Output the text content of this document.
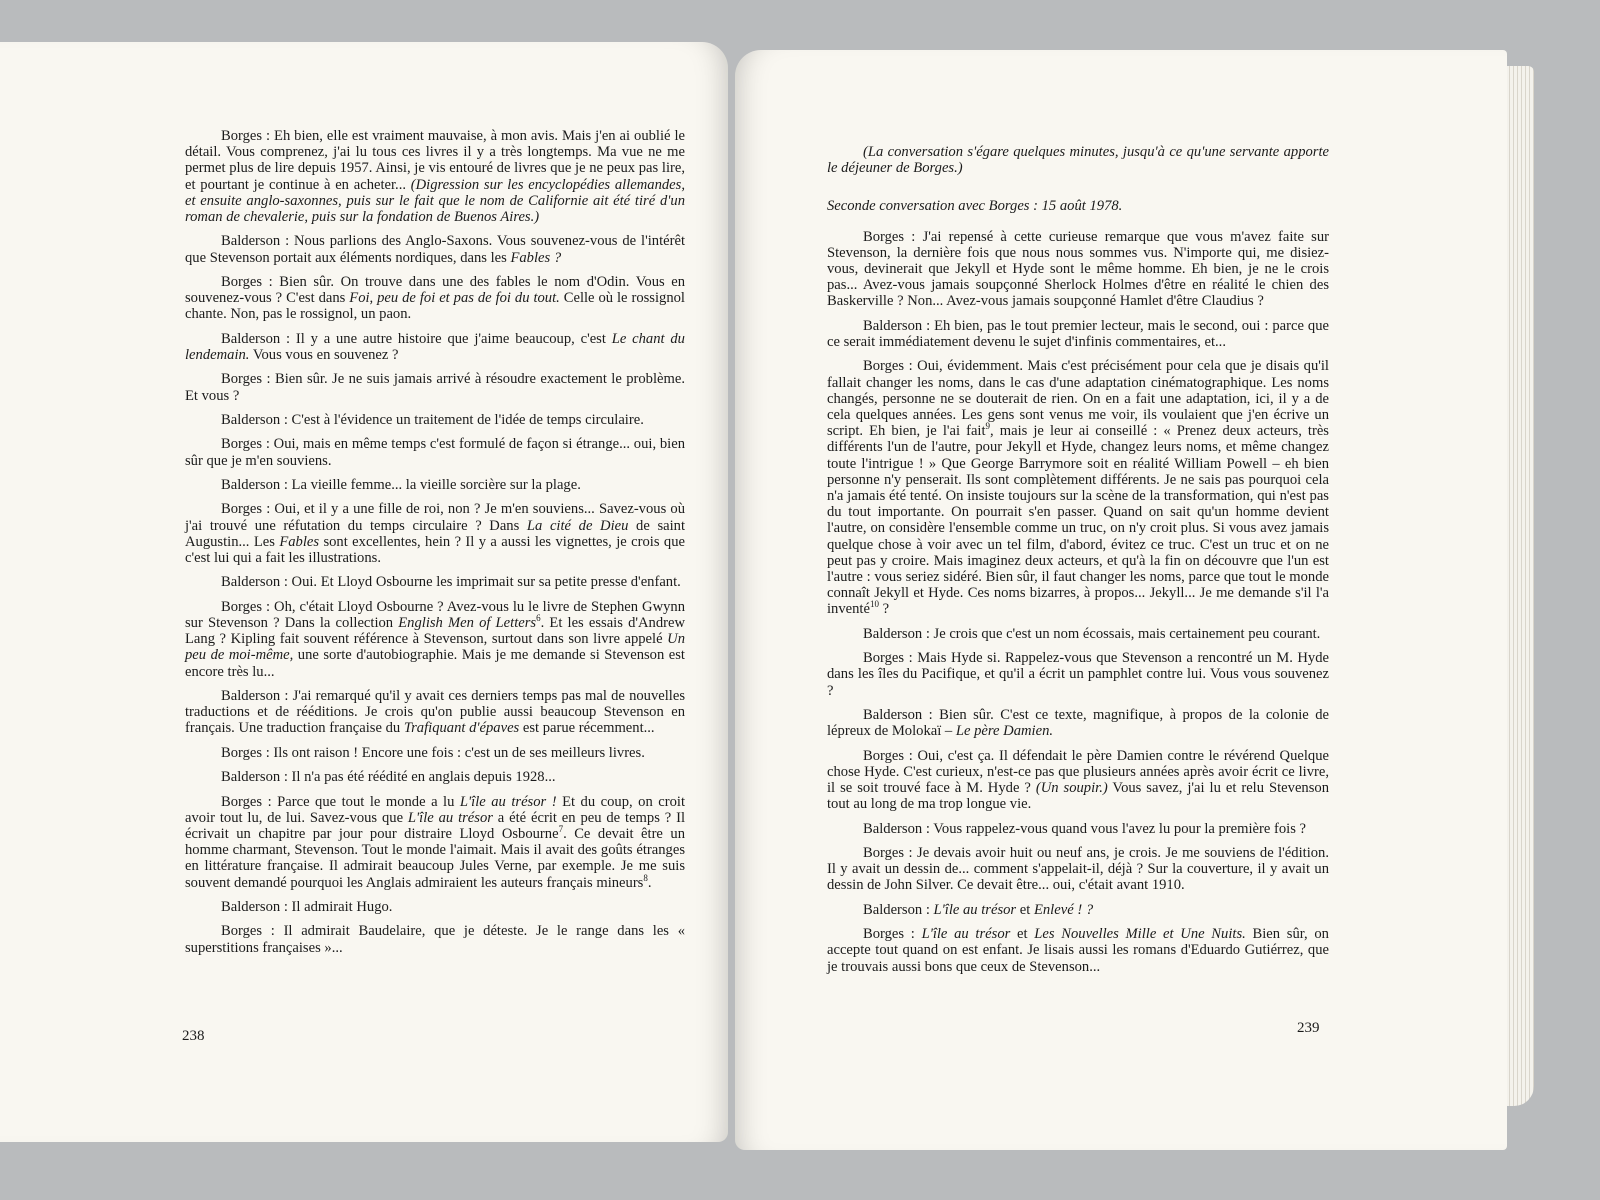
Borges : Eh bien, elle est vraiment mauvaise, à mon avis. Mais j'en ai oublié le détail. Vous comprenez, j'ai lu tous ces livres il y a très longtemps. Ma vue ne me permet plus de lire depuis 1957. Ainsi, je vis entouré de livres que je ne peux pas lire, et pourtant je continue à en acheter... (Digression sur les encyclopédies allemandes, et ensuite anglo-saxonnes, puis sur le fait que le nom de Californie ait été tiré d'un roman de chevalerie, puis sur la fondation de Buenos Aires.)

Balderson : Nous parlions des Anglo-Saxons. Vous souvenez-vous de l'intérêt que Stevenson portait aux éléments nordiques, dans les Fables ?

Borges : Bien sûr. On trouve dans une des fables le nom d'Odin. Vous en souvenez-vous ? C'est dans Foi, peu de foi et pas de foi du tout. Celle où le rossignol chante. Non, pas le rossignol, un paon.

Balderson : Il y a une autre histoire que j'aime beaucoup, c'est Le chant du lendemain. Vous vous en souvenez ?

Borges : Bien sûr. Je ne suis jamais arrivé à résoudre exactement le problème. Et vous ?

Balderson : C'est à l'évidence un traitement de l'idée de temps circulaire.

Borges : Oui, mais en même temps c'est formulé de façon si étrange... oui, bien sûr que je m'en souviens.

Balderson : La vieille femme... la vieille sorcière sur la plage.

Borges : Oui, et il y a une fille de roi, non ? Je m'en souviens... Savez-vous où j'ai trouvé une réfutation du temps circulaire ? Dans La cité de Dieu de saint Augustin... Les Fables sont excellentes, hein ? Il y a aussi les vignettes, je crois que c'est lui qui a fait les illustrations.

Balderson : Oui. Et Lloyd Osbourne les imprimait sur sa petite presse d'enfant.

Borges : Oh, c'était Lloyd Osbourne ? Avez-vous lu le livre de Stephen Gwynn sur Stevenson ? Dans la collection English Men of Letters$^6$. Et les essais d'Andrew Lang ? Kipling fait souvent référence à Stevenson, surtout dans son livre appelé Un peu de moi-même, une sorte d'autobiographie. Mais je me demande si Stevenson est encore très lu...

Balderson : J'ai remarqué qu'il y avait ces derniers temps pas mal de nouvelles traductions et de rééditions. Je crois qu'on publie aussi beaucoup Stevenson en français. Une traduction française du Trafiquant d'épaves est parue récemment...

Borges : Ils ont raison ! Encore une fois : c'est un de ses meilleurs livres.

Balderson : Il n'a pas été réédité en anglais depuis 1928...

Borges : Parce que tout le monde a lu L'île au trésor ! Et du coup, on croit avoir tout lu, de lui. Savez-vous que L'île au trésor a été écrit en peu de temps ? Il écrivait un chapitre par jour pour distraire Lloyd Osbourne$^7$. Ce devait être un homme charmant, Stevenson. Tout le monde l'aimait. Mais il avait des goûts étranges en littérature française. Il admirait beaucoup Jules Verne, par exemple. Je me suis souvent demandé pourquoi les Anglais admiraient les auteurs français mineurs$^8$.

Balderson : Il admirait Hugo.

Borges : Il admirait Baudelaire, que je déteste. Je le range dans les « superstitions françaises »...

238

(La conversation s'égare quelques minutes, jusqu'à ce qu'une servante apporte le déjeuner de Borges.)

Seconde conversation avec Borges : 15 août 1978.

Borges : J'ai repensé à cette curieuse remarque que vous m'avez faite sur Stevenson, la dernière fois que nous nous sommes vus. N'importe qui, me disiez-vous, devinerait que Jekyll et Hyde sont le même homme. Eh bien, je ne le crois pas... Avez-vous jamais soupçonné Sherlock Holmes d'être en réalité le chien des Baskerville ? Non... Avez-vous jamais soupçonné Hamlet d'être Claudius ?

Balderson : Eh bien, pas le tout premier lecteur, mais le second, oui : parce que ce serait immédiatement devenu le sujet d'infinis commentaires, et...

Borges : Oui, évidemment. Mais c'est précisément pour cela que je disais qu'il fallait changer les noms, dans le cas d'une adaptation cinématographique. Les noms changés, personne ne se douterait de rien. On en a fait une adaptation, ici, il y a de cela quelques années. Les gens sont venus me voir, ils voulaient que j'en écrive un script. Eh bien, je l'ai fait$^9$, mais je leur ai conseillé : « Prenez deux acteurs, très différents l'un de l'autre, pour Jekyll et Hyde, changez leurs noms, et même changez toute l'intrigue ! » Que George Barrymore soit en réalité William Powell – eh bien personne n'y penserait. Ils sont complètement différents. Je ne sais pas pourquoi cela n'a jamais été tenté. On insiste toujours sur la scène de la transformation, qui n'est pas du tout importante. On pourrait s'en passer. Quand on sait qu'un homme devient l'autre, on considère l'ensemble comme un truc, on n'y croit plus. Si vous avez jamais quelque chose à voir avec un tel film, d'abord, évitez ce truc. C'est un truc et on ne peut pas y croire. Mais imaginez deux acteurs, et qu'à la fin on découvre que l'un est l'autre : vous seriez sidéré. Bien sûr, il faut changer les noms, parce que tout le monde connaît Jekyll et Hyde. Ces noms bizarres, à propos... Jekyll... Je me demande s'il l'a inventé$^{10}$ ?

Balderson : Je crois que c'est un nom écossais, mais certainement peu courant.

Borges : Mais Hyde si. Rappelez-vous que Stevenson a rencontré un M. Hyde dans les îles du Pacifique, et qu'il a écrit un pamphlet contre lui. Vous vous souvenez ?

Balderson : Bien sûr. C'est ce texte, magnifique, à propos de la colonie de lépreux de Molokaï – Le père Damien.

Borges : Oui, c'est ça. Il défendait le père Damien contre le révérend Quelque chose Hyde. C'est curieux, n'est-ce pas que plusieurs années après avoir écrit ce livre, il se soit trouvé face à M. Hyde ? (Un soupir.) Vous savez, j'ai lu et relu Stevenson tout au long de ma trop longue vie.

Balderson : Vous rappelez-vous quand vous l'avez lu pour la première fois ?

Borges : Je devais avoir huit ou neuf ans, je crois. Je me souviens de l'édition. Il y avait un dessin de... comment s'appelait-il, déjà ? Sur la couverture, il y avait un dessin de John Silver. Ce devait être... oui, c'était avant 1910.

Balderson : L'île au trésor et Enlevé ! ?

Borges : L'île au trésor et Les Nouvelles Mille et Une Nuits. Bien sûr, on accepte tout quand on est enfant. Je lisais aussi les romans d'Eduardo Gutiérrez, que je trouvais aussi bons que ceux de Stevenson...

239
